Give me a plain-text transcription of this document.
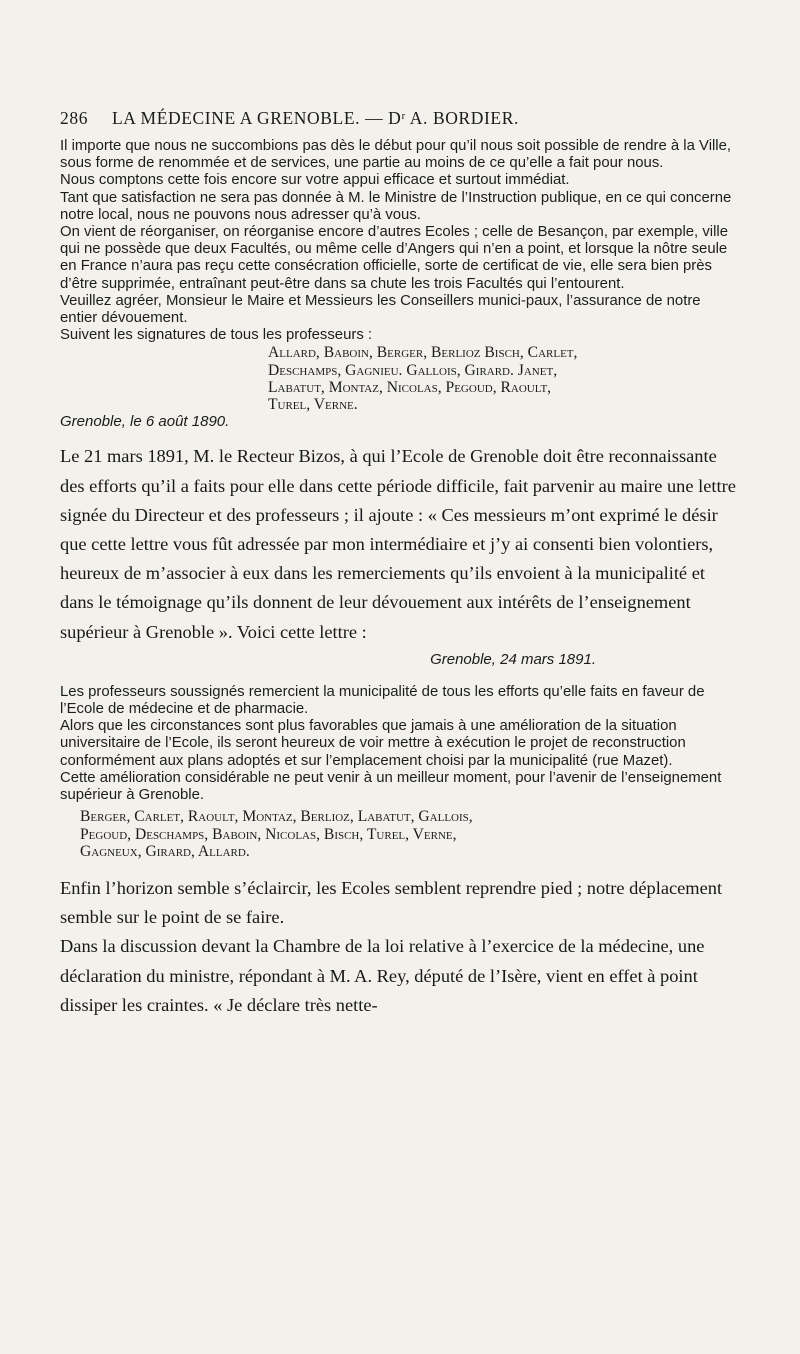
286	LA MÉDECINE A GRENOBLE. — Dʳ A. BORDIER.

Il importe que nous ne succombions pas dès le début pour qu’il nous soit possible de rendre à la Ville, sous forme de renommée et de services, une partie au moins de ce qu’elle a fait pour nous.

Nous comptons cette fois encore sur votre appui efficace et surtout immédiat.

Tant que satisfaction ne sera pas donnée à M. le Ministre de l’Instruction publique, en ce qui concerne notre local, nous ne pouvons nous adresser qu’à vous.

On vient de réorganiser, on réorganise encore d’autres Ecoles ; celle de Besançon, par exemple, ville qui ne possède que deux Facultés, ou même celle d’Angers qui n’en a point, et lorsque la nôtre seule en France n’aura pas reçu cette consécration officielle, sorte de certificat de vie, elle sera bien près d’être supprimée, entraînant peut-être dans sa chute les trois Facultés qui l’entourent.

Veuillez agréer, Monsieur le Maire et Messieurs les Conseillers munici-paux, l’assurance de notre entier dévouement.

Suivent les signatures de tous les professeurs :

Allard, Baboin, Berger, Berlioz Bisch, Carlet,

Deschamps, Gagnieu. Gallois, Girard. Janet,

Labatut, Montaz, Nicolas, Pegoud, Raoult,

Turel, Verne.

Grenoble, le 6 août 1890.

Le 21 mars 1891, M. le Recteur Bizos, à qui l’Ecole de Grenoble doit être reconnaissante des efforts qu’il a faits pour elle dans cette période difficile, fait parvenir au maire une lettre signée du Directeur et des professeurs ; il ajoute : « Ces messieurs m’ont exprimé le désir que cette lettre vous fût adressée par mon intermédiaire et j’y ai consenti bien volontiers, heureux de m’associer à eux dans les remerciements qu’ils envoient à la municipalité et dans le témoignage qu’ils donnent de leur dévouement aux intérêts de l’enseignement supérieur à Grenoble ». Voici cette lettre :

Grenoble, 24 mars 1891.

Les professeurs soussignés remercient la municipalité de tous les efforts qu’elle faits en faveur de l’Ecole de médecine et de pharmacie.

Alors que les circonstances sont plus favorables que jamais à une amélioration de la situation universitaire de l’Ecole, ils seront heureux de voir mettre à exécution le projet de reconstruction conformément aux plans adoptés et sur l’emplacement choisi par la municipalité (rue Mazet).

Cette amélioration considérable ne peut venir à un meilleur moment, pour l’avenir de l’enseignement supérieur à Grenoble.

Berger, Carlet, Raoult, Montaz, Berlioz, Labatut, Gallois,

Pegoud, Deschamps, Baboin, Nicolas, Bisch, Turel, Verne,

Gagneux, Girard, Allard.

Enfin l’horizon semble s’éclaircir, les Ecoles semblent reprendre pied ; notre déplacement semble sur le point de se faire.

Dans la discussion devant la Chambre de la loi relative à l’exercice de la médecine, une déclaration du ministre, répondant à M. A. Rey, député de l’Isère, vient en effet à point dissiper les craintes. « Je déclare très nette-
